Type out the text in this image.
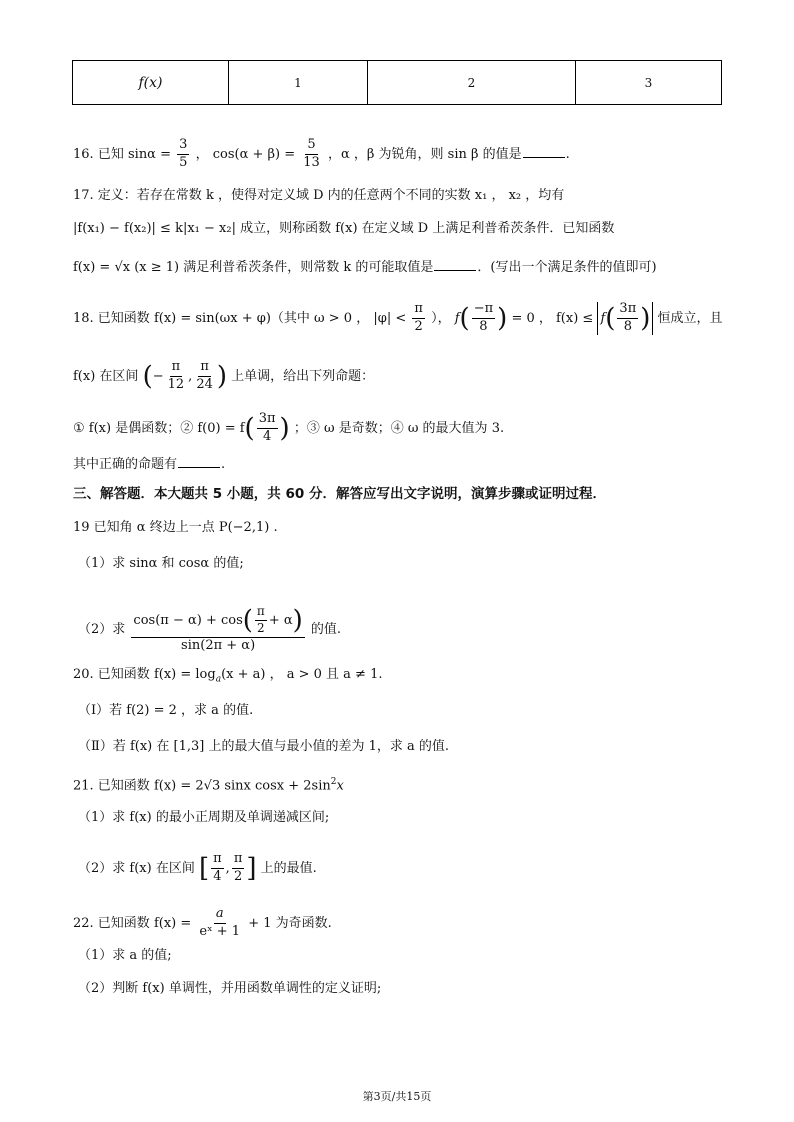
f(x)	1	2	3
16. 已知 $\sin\alpha = \frac{3}{5}$ ， $\cos(\alpha + \beta) = \frac{5}{13}$ ，α ，β 为锐角，则 sin β 的值是	.
17. 定义：若存在常数 k ，使得对定义域 D 内的任意两个不同的实数 x₁ ， x₂ ，均有
|f(x₁) − f(x₂)| ≤ k|x₁ − x₂| 成立，则称函数 f(x) 在定义域 D 上满足利普希茨条件．已知函数
f(x) = √x (x ≥ 1) 满足利普希茨条件，则常数 k 的可能取值是	．(写出一个满足条件的值即可)
18. 已知函数 f(x) = sin(ωx + φ)（其中 ω > 0 ， $|\varphi| < \frac{\pi}{2}$ ）， $f( \frac{-\pi}{8}$ ) = 0 ， $f(x) \le f( \frac{3\pi}{8}$ ) 恒成立，且
f(x) 在区间 (− $\frac{\pi}{12}$ , $\frac{\pi}{24}$ ) 上单调，给出下列命题：
① f(x) 是偶函数；② $f(0) = f( \frac{3\pi}{4}$ ) ；③ ω 是奇数；④ ω 的最大值为 3.
其中正确的命题有	.
三、解答题．本大题共 5 小题，共 60 分．解答应写出文字说明，演算步骤或证明过程．
19 已知角 α 终边上一点 P(−2,1) .
（1）求 sinα 和 cosα 的值;
（2）求 $\frac{\cos(\pi - \alpha) + \cos( \frac{\pi}{2} + \alpha)}{\sin(2\pi + \alpha)}$ 的值.
20. 已知函数 $f(x) = \log_a(x + a)$ ， a > 0 且 a ≠ 1.
（Ⅰ）若 f(2) = 2 ，求 a 的值.
（Ⅱ）若 f(x) 在 [1,3] 上的最大值与最小值的差为 1，求 a 的值.
21. 已知函数 f(x) = 2√3 sinx $\cos x + 2\sin^2x$
（1）求 f(x) 的最小正周期及单调递减区间;
（2）求 f(x) 在区间 [ $\frac{\pi}{4}$ , $\frac{\pi}{2}$ ] 上的最值.
22. 已知函数 $f(x) = \frac{a}{\text{eˣ + 1}} + 1$ 为奇函数.
（1）求 a 的值;
（2）判断 f(x) 单调性，并用函数单调性的定义证明;
第3页/共15页
